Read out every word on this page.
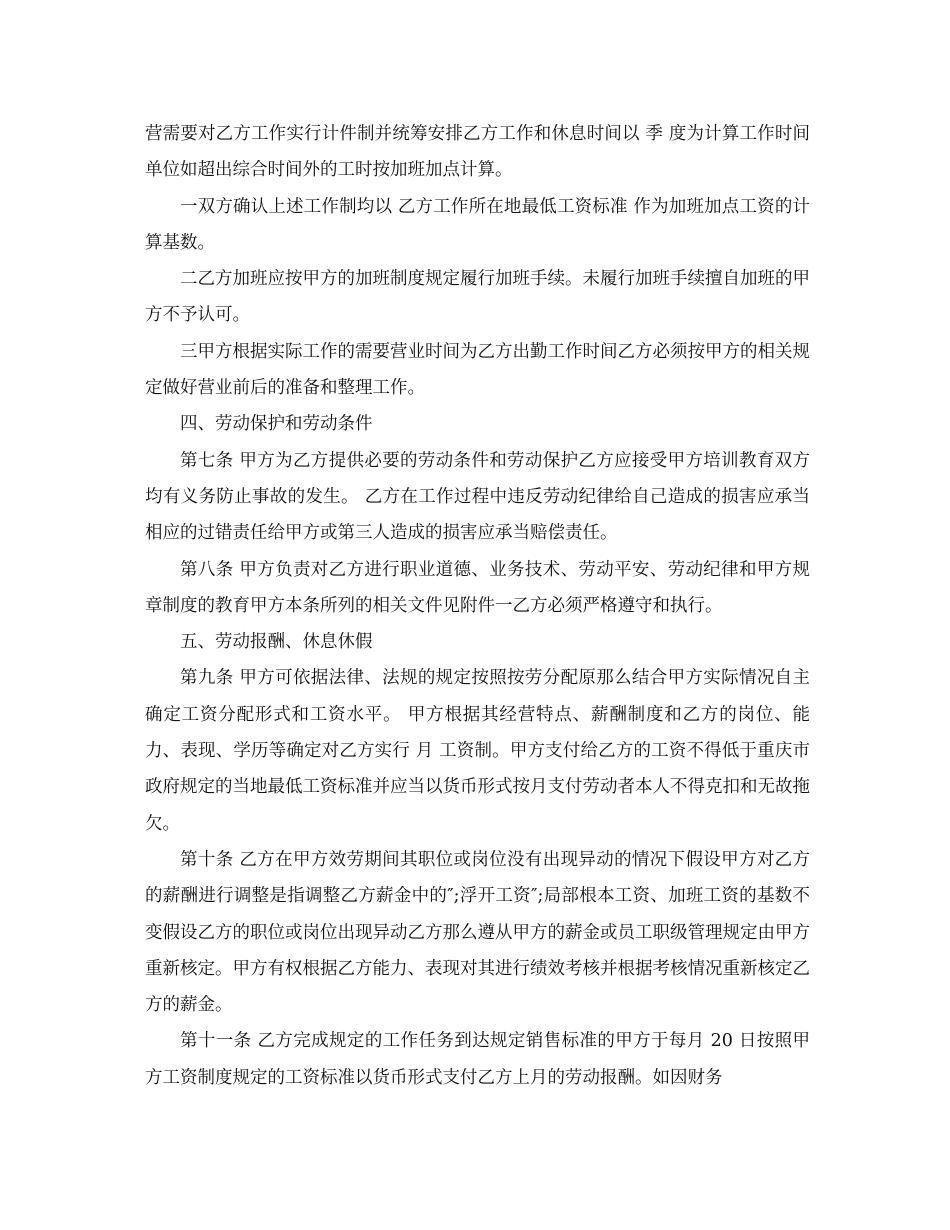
营需要对乙方工作实行计件制并统筹安排乙方工作和休息时间以 季 度为计算工作时间单位如超出综合时间外的工时按加班加点计算。

一双方确认上述工作制均以 乙方工作所在地最低工资标准 作为加班加点工资的计算基数。

二乙方加班应按甲方的加班制度规定履行加班手续。未履行加班手续擅自加班的甲方不予认可。

三甲方根据实际工作的需要营业时间为乙方出勤工作时间乙方必须按甲方的相关规定做好营业前后的准备和整理工作。

四、劳动保护和劳动条件

第七条 甲方为乙方提供必要的劳动条件和劳动保护乙方应接受甲方培训教育双方均有义务防止事故的发生。 乙方在工作过程中违反劳动纪律给自己造成的损害应承当相应的过错责任给甲方或第三人造成的损害应承当赔偿责任。

第八条 甲方负责对乙方进行职业道德、业务技术、劳动平安、劳动纪律和甲方规章制度的教育甲方本条所列的相关文件见附件一乙方必须严格遵守和执行。

五、劳动报酬、休息休假

第九条 甲方可依据法律、法规的规定按照按劳分配原那么结合甲方实际情况自主确定工资分配形式和工资水平。 甲方根据其经营特点、薪酬制度和乙方的岗位、能力、表现、学历等确定对乙方实行 月 工资制。甲方支付给乙方的工资不得低于重庆市政府规定的当地最低工资标准并应当以货币形式按月支付劳动者本人不得克扣和无故拖欠。

第十条 乙方在甲方效劳期间其职位或岗位没有出现异动的情况下假设甲方对乙方的薪酬进行调整是指调整乙方薪金中的″;浮开工资″;局部根本工资、加班工资的基数不变假设乙方的职位或岗位出现异动乙方那么遵从甲方的薪金或员工职级管理规定由甲方重新核定。甲方有权根据乙方能力、表现对其进行绩效考核并根据考核情况重新核定乙方的薪金。

第十一条 乙方完成规定的工作任务到达规定销售标准的甲方于每月 20 日按照甲方工资制度规定的工资标准以货币形式支付乙方上月的劳动报酬。如因财务
